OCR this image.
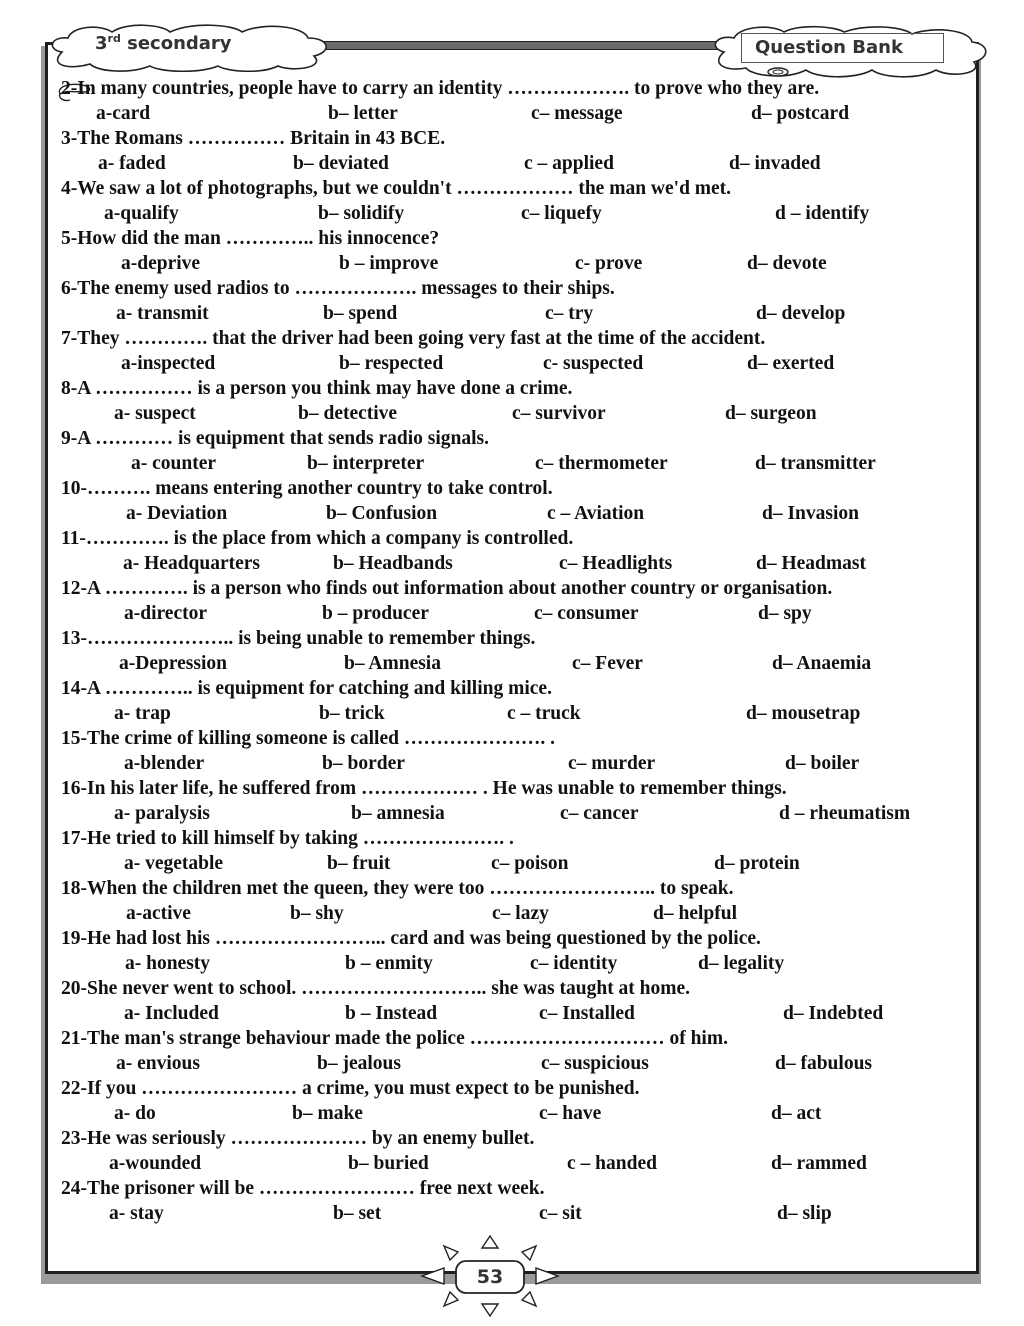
3rd secondary	Question Bank
2-In many countries, people have to carry an identity ………………. to prove who they are.
a-card	b– letter	c– message	d– postcard
3-The Romans …………… Britain in 43 BCE.
a- faded	b– deviated	c – applied	d– invaded
4-We saw a lot of photographs, but we couldn't ……………… the man we'd met.
a-qualify	b– solidify	c– liquefy	d – identify
5-How did the man ………….. his innocence?
a-deprive	b – improve	c- prove	d– devote
6-The enemy used radios to ………………. messages to their ships.
a- transmit	b– spend	c– try	d– develop
7-They …………. that the driver had been going very fast at the time of the accident.
a-inspected	b– respected	c- suspected	d– exerted
8-A …………… is a person you think may have done a crime.
a- suspect	b– detective	c– survivor	d– surgeon
9-A ………… is equipment that sends radio signals.
a- counter	b– interpreter	c– thermometer	d– transmitter
10-………. means entering another country to take control.
a- Deviation	b– Confusion	c – Aviation	d– Invasion
11-…………. is the place from which a company is controlled.
a- Headquarters	b– Headbands	c– Headlights	d– Headmast
12-A …………. is a person who finds out information about another country or organisation.
a-director	b – producer	c– consumer	d– spy
13-………………….. is being unable to remember things.
a-Depression	b– Amnesia	c– Fever	d– Anaemia
14-A ………….. is equipment for catching and killing mice.
a- trap	b– trick	c – truck	d– mousetrap
15-The crime of killing someone is called …………………. .
a-blender	b– border	c– murder	d– boiler
16-In his later life, he suffered from ……………… . He was unable to remember things.
a- paralysis	b– amnesia	c– cancer	d – rheumatism
17-He tried to kill himself by taking …………………. .
a- vegetable	b– fruit	c– poison	d– protein
18-When the children met the queen, they were too …………………….. to speak.
a-active	b– shy	c– lazy	d– helpful
19-He had lost his ……………………... card and was being questioned by the police.
a- honesty	b – enmity	c– identity	d– legality
20-She never went to school. ……………………….. she was taught at home.
a- Included	b – Instead	c– Installed	d– Indebted
21-The man's strange behaviour made the police ………………………… of him.
a- envious	b– jealous	c– suspicious	d– fabulous
22-If you …………………… a crime, you must expect to be punished.
a- do	b– make	c– have	d– act
23-He was seriously ………………… by an enemy bullet.
a-wounded	b– buried	c – handed	d– rammed
24-The prisoner will be …………………… free next week.
a- stay	b– set	c– sit	d– slip
53
